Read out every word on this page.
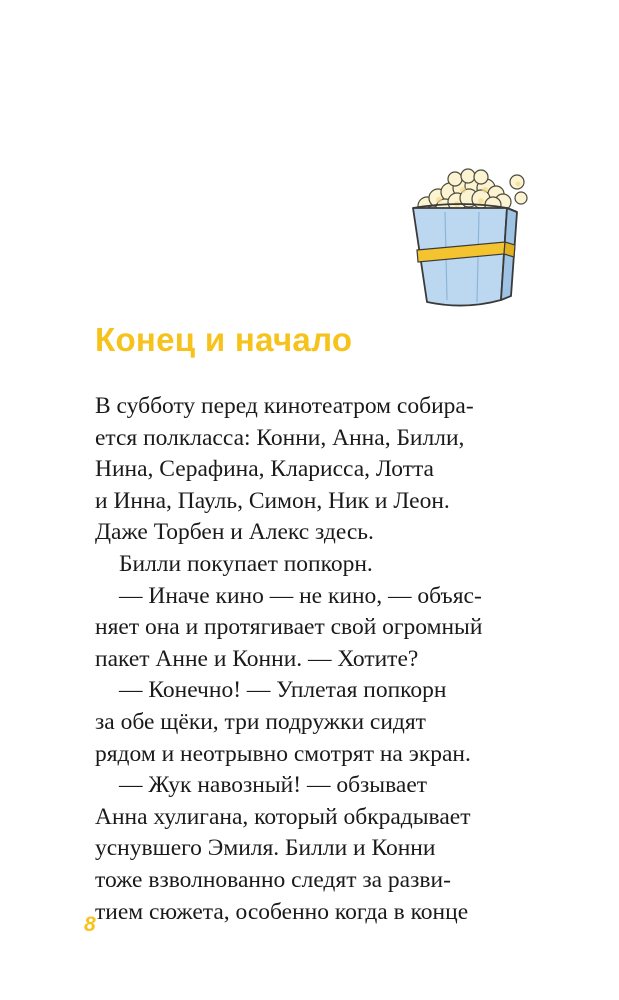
Конец и начало
В субботу перед кинотеатром собира-
ется полкласса: Конни, Анна, Билли,
Нина, Серафина, Кларисса, Лотта
и Инна, Пауль, Симон, Ник и Леон.
Даже Торбен и Алекс здесь.
Билли покупает попкорн.
— Иначе кино — не кино, — объяс-
няет она и протягивает свой огромный
пакет Анне и Конни. — Хотите?
— Конечно! — Уплетая попкорн
за обе щёки, три подружки сидят
рядом и неотрывно смотрят на экран.
— Жук навозный! — обзывает
Анна хулигана, который обкрадывает
уснувшего Эмиля. Билли и Конни
тоже взволнованно следят за разви-
тием сюжета, особенно когда в конце
8
